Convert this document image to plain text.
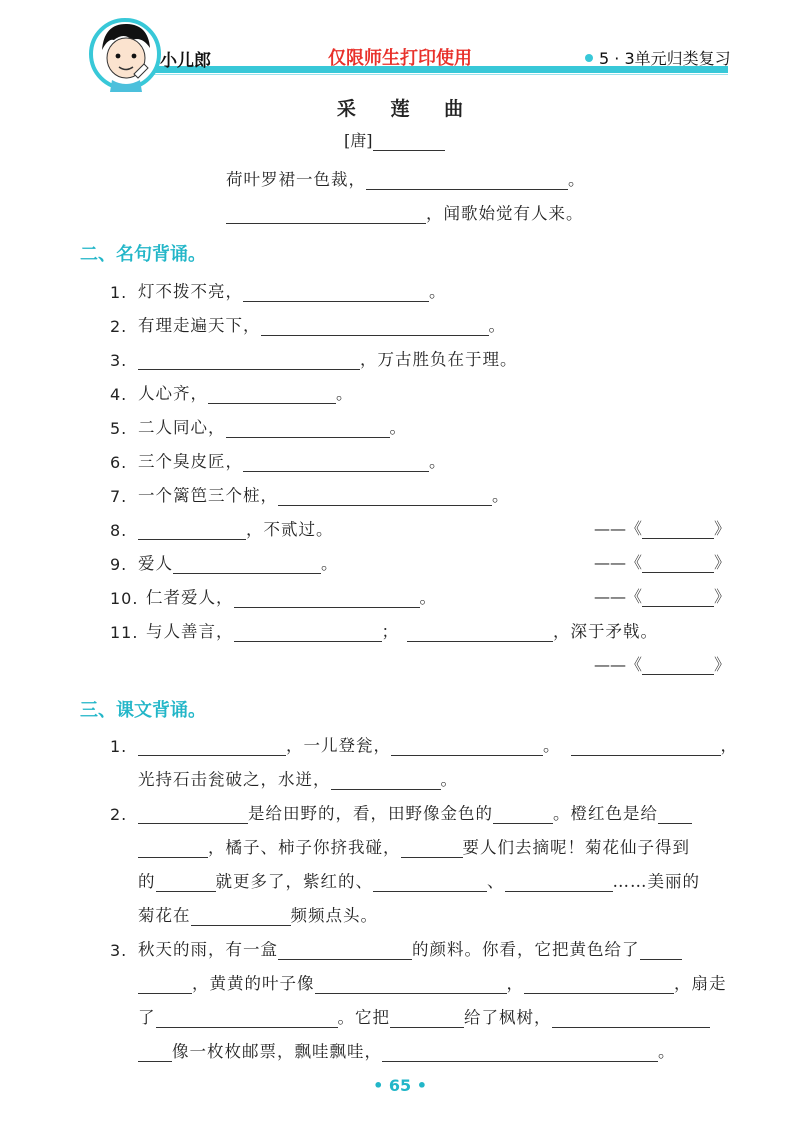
小儿郎	仅限师生打印使用	5 · 3单元归类复习
采 莲 曲
[唐]
荷叶罗裙一色裁，	。
，闻歌始觉有人来。
二、名句背诵。
1. 灯不拨不亮，	。
2. 有理走遍天下，	。
3.	，万古胜负在于理。
4. 人心齐，	。
5. 二人同心，	。
6. 三个臭皮匠，	。
7. 一个篱笆三个桩，	。
8.	，不贰过。	——《	》
9. 爱人	。	——《	》
10. 仁者爱人，	。	——《	》
11. 与人善言，	；	，深于矛戟。
——《	》
三、课文背诵。
1.	，一儿登瓮，	。	，
光持石击瓮破之，水迸，	。
2.	是给田野的，看，田野像金色的	。橙红色是给
，橘子、柿子你挤我碰，	要人们去摘呢！菊花仙子得到
的	就更多了，紫红的、	、	……美丽的
菊花在	频频点头。
3. 秋天的雨，有一盒	的颜料。你看，它把黄色给了
，黄黄的叶子像	，	，扇走
了	。它把	给了枫树，
像一枚枚邮票，飘哇飘哇，	。
• 65 •
